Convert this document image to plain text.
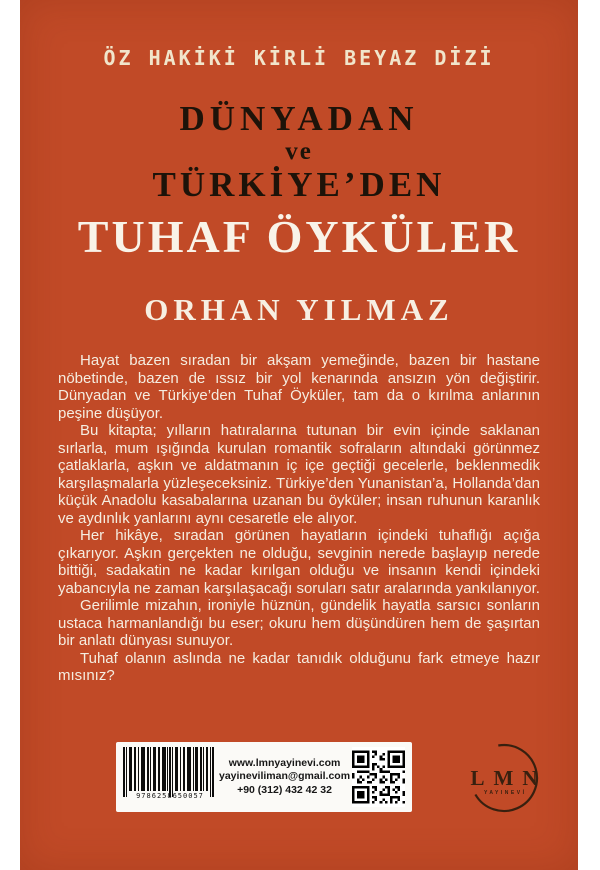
ÖZ HAKİKİ KİRLİ BEYAZ DİZİ
DÜNYADAN
ve
TÜRKİYE’DEN
TUHAF ÖYKÜLER
ORHAN YILMAZ

Hayat bazen sıradan bir akşam yemeğinde, bazen bir hastane nöbetinde, bazen de ıssız bir yol kenarında ansızın yön değiştirir. Dünyadan ve Türkiye’den Tuhaf Öyküler, tam da o kırılma anlarının peşine düşüyor.

Bu kitapta; yılların hatıralarına tutunan bir evin içinde saklanan sırlarla, mum ışığında kurulan romantik sofraların altındaki görünmez çatlaklarla, aşkın ve aldatmanın iç içe geçtiği gecelerle, beklenmedik karşılaşmalarla yüzleşeceksiniz. Türkiye’den Yunanistan’a, Hollanda’dan küçük Anadolu kasabalarına uzanan bu öyküler; insan ruhunun karanlık ve aydınlık yanlarını aynı cesaretle ele alıyor.

Her hikâye, sıradan görünen hayatların içindeki tuhaflığı açığa çıkarıyor. Aşkın gerçekten ne olduğu, sevginin nerede başlayıp nerede bittiği, sadakatin ne kadar kırılgan olduğu ve insanın kendi içindeki yabancıyla ne zaman karşılaşacağı soruları satır aralarında yankılanıyor.

Gerilimle mizahın, ironiyle hüznün, gündelik hayatla sarsıcı sonların ustaca harmanlandığı bu eser; okuru hem düşündüren hem de şaşırtan bir anlatı dünyası sunuyor.

Tuhaf olanın aslında ne kadar tanıdık olduğunu fark etmeye hazır mısınız?

9786258650057
www.lmnyayinevi.com
yayineviliman@gmail.com
+90 (312) 432 42 32	LMN
YAYINEVİ
